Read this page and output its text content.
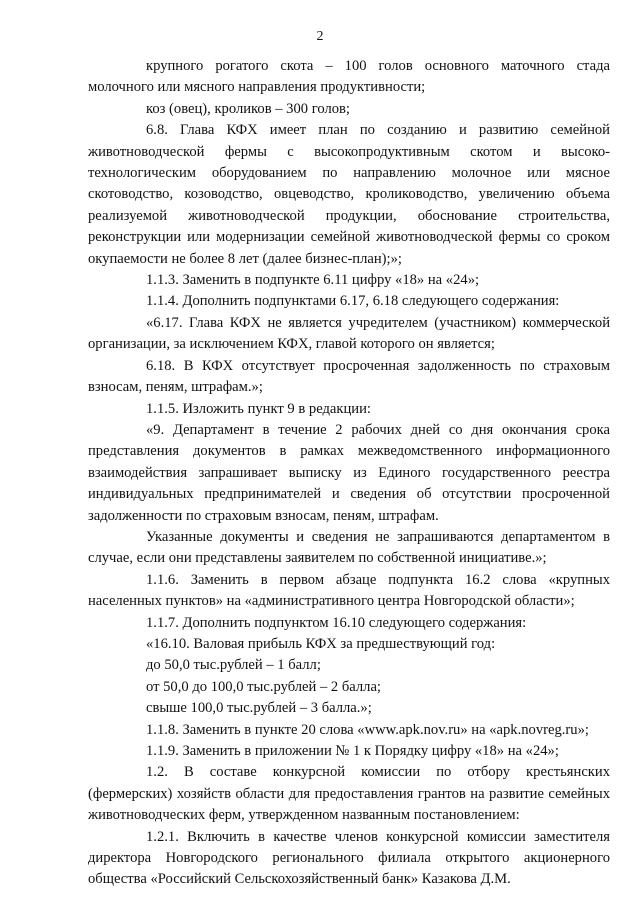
2

крупного рогатого скота – 100 голов основного маточного стада молочного или мясного направления продуктивности;

коз (овец), кроликов – 300 голов;

6.8. Глава КФХ имеет план по созданию и развитию семейной животноводческой фермы с высокопродуктивным скотом и высоко-технологическим оборудованием по направлению молочное или мясное скотоводство, козоводство, овцеводство, кролиководство, увеличению объема реализуемой животноводческой продукции, обоснование строительства, реконструкции или модернизации семейной животноводческой фермы со сроком окупаемости не более 8 лет (далее бизнес-план);»;

1.1.3. Заменить в подпункте 6.11 цифру «18» на «24»;

1.1.4. Дополнить подпунктами 6.17, 6.18 следующего содержания:

«6.17. Глава КФХ не является учредителем (участником) коммерческой организации, за исключением КФХ, главой которого он является;

6.18. В КФХ отсутствует просроченная задолженность по страховым взносам, пеням, штрафам.»;

1.1.5. Изложить пункт 9 в редакции:

«9. Департамент в течение 2 рабочих дней со дня окончания срока представления документов в рамках межведомственного информационного взаимодействия запрашивает выписку из Единого государственного реестра индивидуальных предпринимателей и сведения об отсутствии просроченной задолженности по страховым взносам, пеням, штрафам.

Указанные документы и сведения не запрашиваются департаментом в случае, если они представлены заявителем по собственной инициативе.»;

1.1.6. Заменить в первом абзаце подпункта 16.2 слова «крупных населенных пунктов» на «административного центра Новгородской области»;

1.1.7. Дополнить подпунктом 16.10 следующего содержания:

«16.10. Валовая прибыль КФХ за предшествующий год:

до 50,0 тыс.рублей – 1 балл;

от 50,0 до 100,0 тыс.рублей – 2 балла;

свыше 100,0 тыс.рублей – 3 балла.»;

1.1.8. Заменить в пункте 20 слова «www.apk.nov.ru» на «apk.novreg.ru»;

1.1.9. Заменить в приложении № 1 к Порядку цифру «18» на «24»;

1.2. В составе конкурсной комиссии по отбору крестьянских (фермерских) хозяйств области для предоставления грантов на развитие семейных животноводческих ферм, утвержденном названным постановлением:

1.2.1. Включить в качестве членов конкурсной комиссии заместителя директора Новгородского регионального филиала открытого акционерного общества «Российский Сельскохозяйственный банк» Казакова Д.М.
